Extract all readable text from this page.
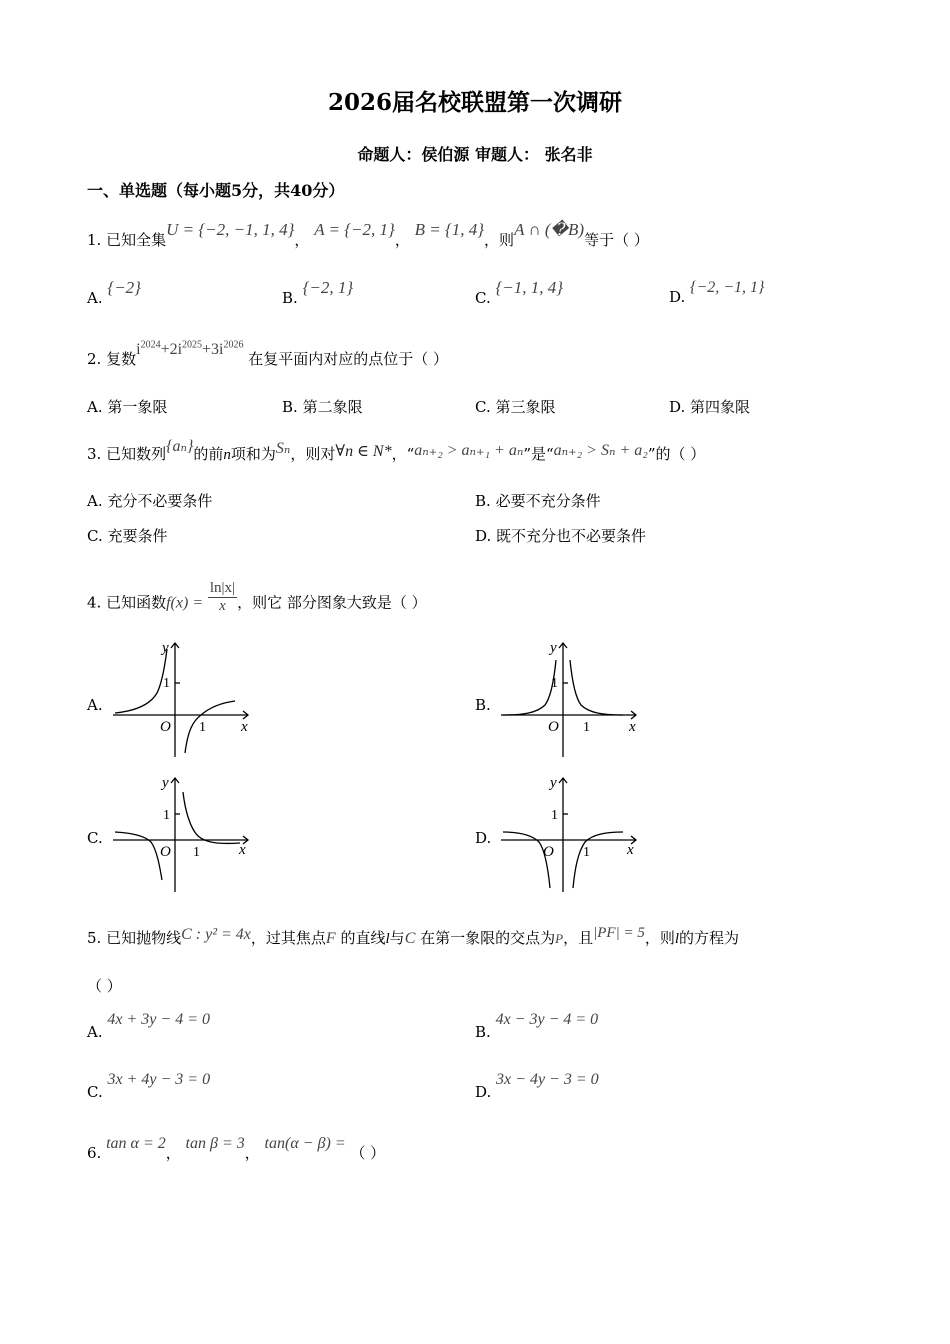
2026届名校联盟第一次调研
命题人：侯伯源 审题人： 张名非
一、单选题（每小题5分，共40分）
1. 已知全集U = {−2, −1, 1, 4}， A = {−2, 1}， B = {1, 4}，则A ∩ (�B)等于（ ）
A. {−2}
B. {−2, 1}
C. {−1, 1, 4}	D. {−2, −1, 1}
2. 复数$i^{2024}+2i^{2025}+3i^{2026}$ 在复平面内对应的点位于（ ）
A. 第一象限	B. 第二象限	C. 第三象限	D. 第四象限
3. 已知数列{aₙ}的前n项和为Sₙ，则对∀n ∈ N*，“aₙ₊₂ > aₙ₊₁ + aₙ”是“aₙ₊₂ > Sₙ + a₂”的（ ）
A. 充分不必要条件	B. 必要不充分条件
C. 充要条件	D. 既不充分也不必要条件
4. 已知函数$f(x) = \frac{\ln|x|}{x}$ ，则它 部分图象大致是（ ）
A.	B.
C.	D.
y
1
O 1 x
y
1
O 1	x
y
1
O 1	x
y
1
O 1 x
5. 已知抛物线C : y² = 4x，过其焦点F 的直线l与C 在第一象限的交点为P，且|PF| = 5，则l的方程为
（ ）
A. 4x + 3y − 4 = 0
B. 4x − 3y − 4 = 0
C. 3x + 4y − 3 = 0
D. 3x − 4y − 3 = 0
6. tan α = 2， tan β = 3， tan(α − β) = （ ）
